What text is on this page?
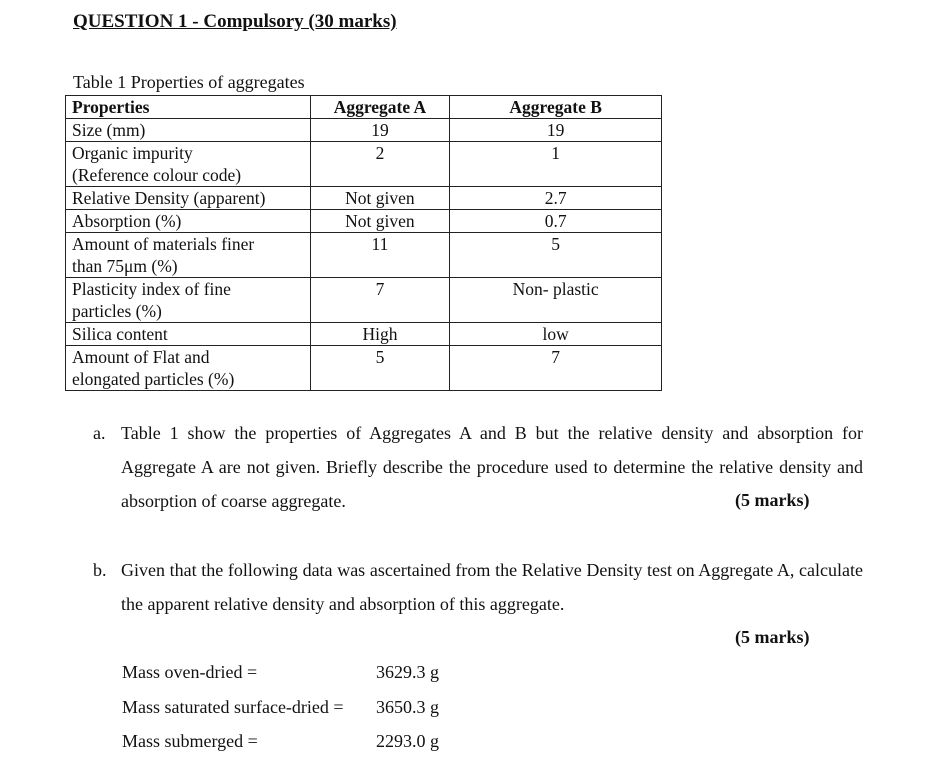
QUESTION 1 - Compulsory (30 marks)
Table 1 Properties of aggregates
Properties	Aggregate A	Aggregate B

Size (mm)	19	19

Organic impurity
(Reference colour code)	2	1

Relative Density (apparent)	Not given	2.7

Absorption (%)	Not given	0.7

Amount of materials finer
than 75μm (%)	11	5

Plasticity index of fine
particles (%)	7	Non- plastic

Silica content	High	low

Amount of Flat and
elongated particles (%)	5	7
a. Table 1 show the properties of Aggregates A and B but the relative density and absorption for Aggregate A are not given. Briefly describe the procedure used to determine the relative density and absorption of coarse aggregate.	(5 marks)
b. Given that the following data was ascertained from the Relative Density test on Aggregate A, calculate the apparent relative density and absorption of this aggregate.
(5 marks)
Mass oven-dried =	3629.3 g
Mass saturated surface-dried = 3650.3 g
Mass submerged =	2293.0 g
